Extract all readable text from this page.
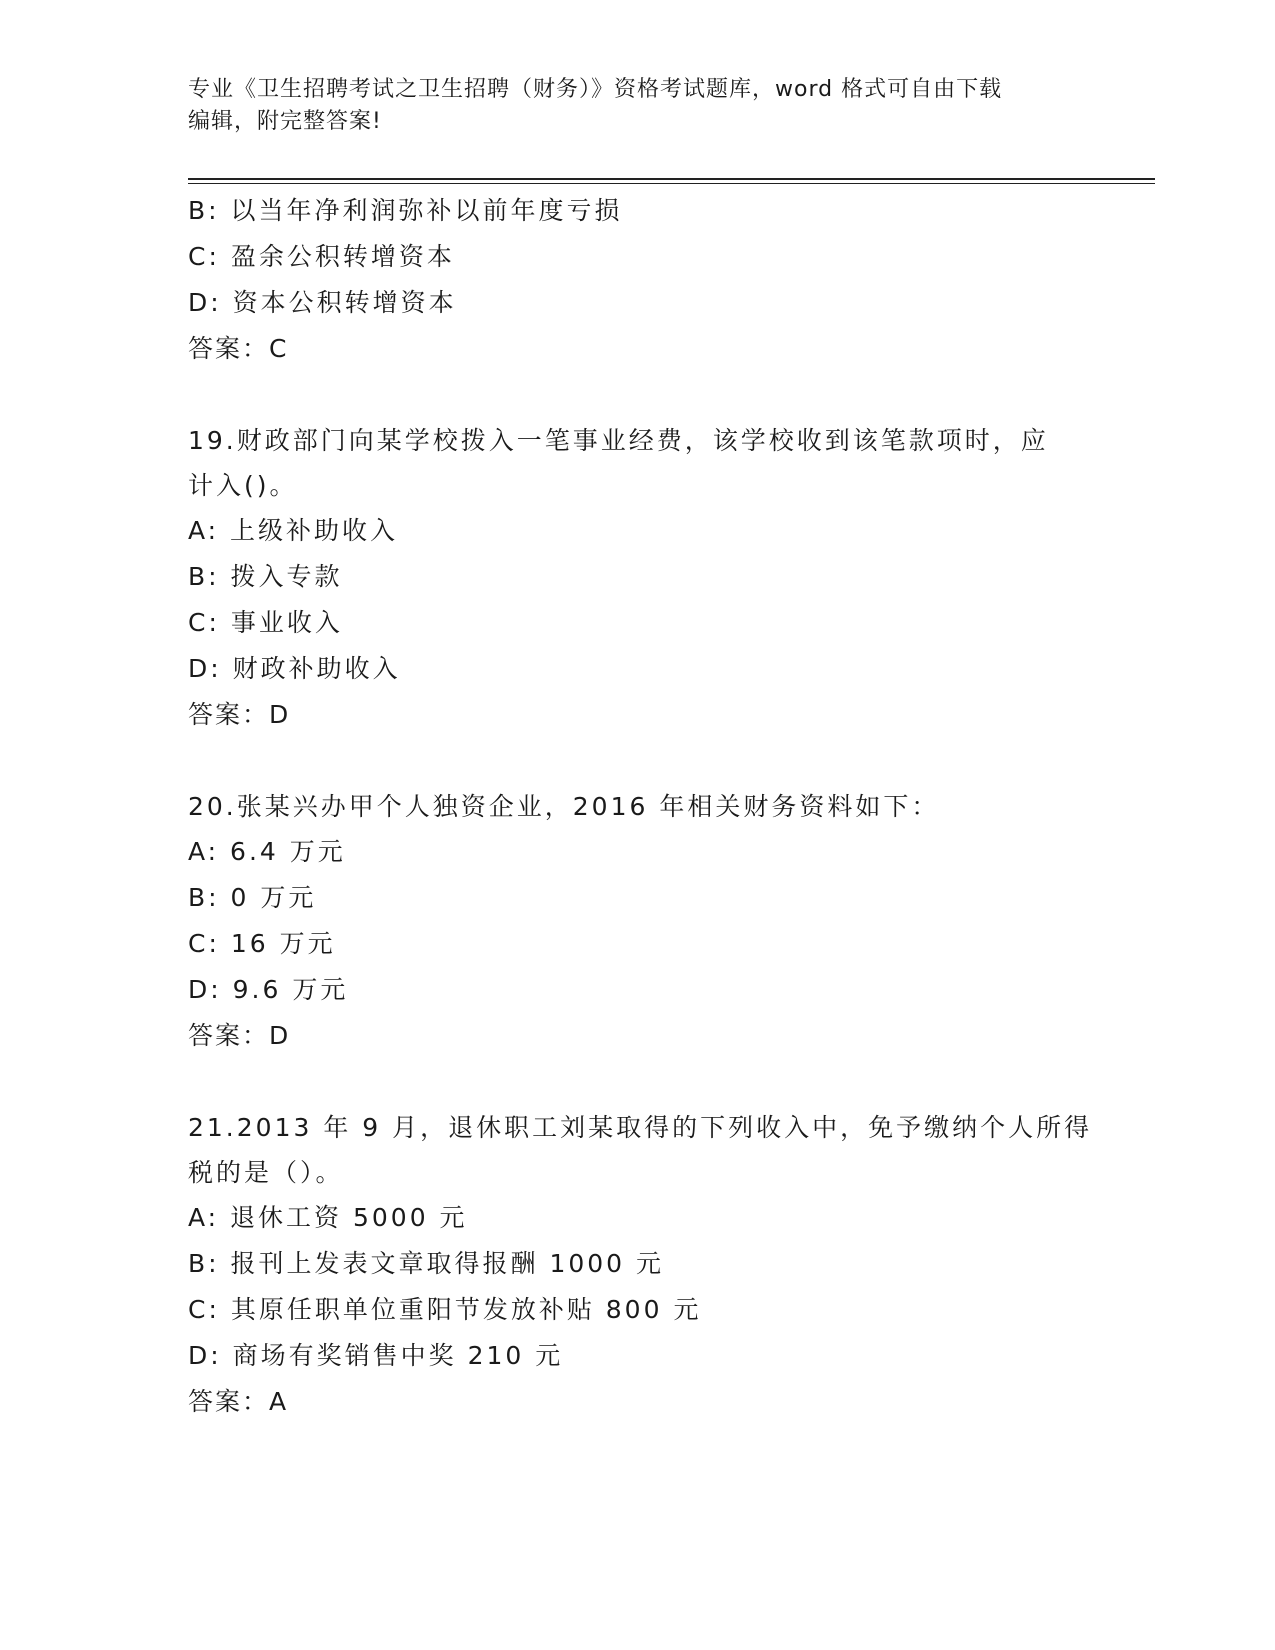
专业《卫生招聘考试之卫生招聘（财务）》资格考试题库，word 格式可自由下载
编辑，附完整答案!
B: 以当年净利润弥补以前年度亏损
C: 盈余公积转增资本
D: 资本公积转增资本
答案：C
19.财政部门向某学校拨入一笔事业经费，该学校收到该笔款项时，应
计入()。
A: 上级补助收入
B: 拨入专款
C: 事业收入
D: 财政补助收入
答案：D
20.张某兴办甲个人独资企业，2016 年相关财务资料如下：
A: 6.4 万元
B: 0 万元
C: 16 万元
D: 9.6 万元
答案：D
21.2013 年 9 月，退休职工刘某取得的下列收入中，免予缴纳个人所得
税的是（）。
A: 退休工资 5000 元
B: 报刊上发表文章取得报酬 1000 元
C: 其原任职单位重阳节发放补贴 800 元
D: 商场有奖销售中奖 210 元
答案：A
